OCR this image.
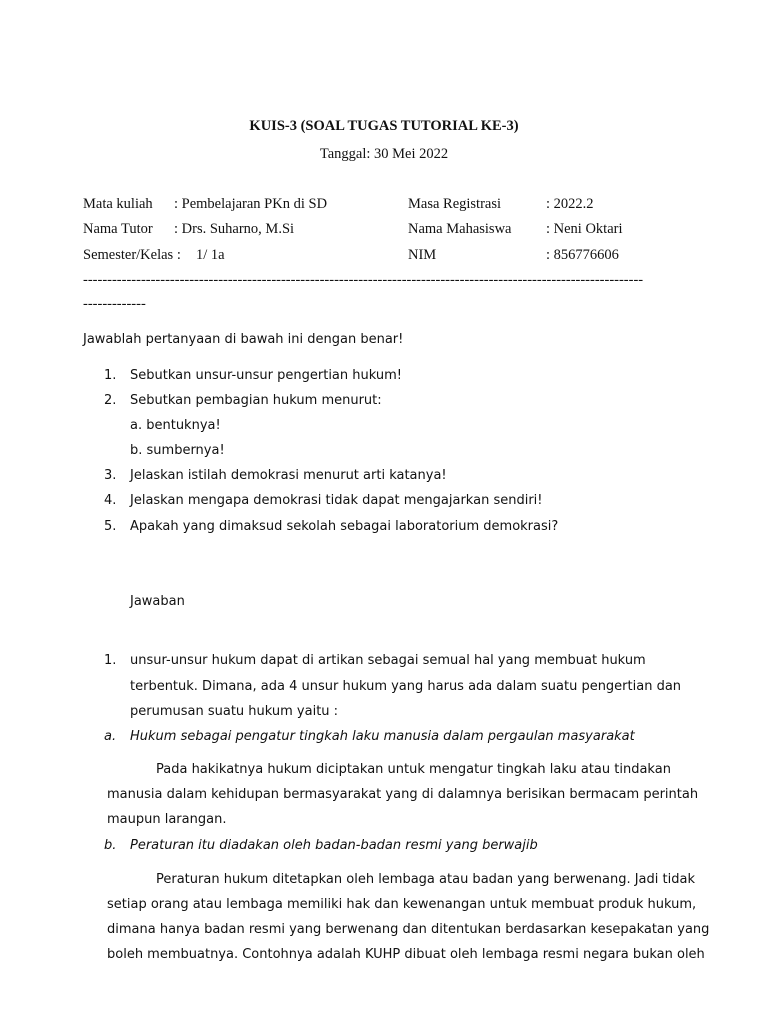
KUIS-3 (SOAL TUGAS TUTORIAL KE-3)
Tanggal: 30 Mei 2022
Mata kuliah : Pembelajaran PKn di SD
Nama Tutor : Drs. Suharno, M.Si
Semester/Kelas : 1/ 1a
Masa Registrasi	: 2022.2
Nama Mahasiswa : Neni Oktari
NIM	: 856776606
--------------------------------------------------------------------------------------------------------------------
-------------
Jawablah pertanyaan di bawah ini dengan benar!
1. Sebutkan unsur-unsur pengertian hukum!
2. Sebutkan pembagian hukum menurut:
a. bentuknya!
b. sumbernya!
3. Jelaskan istilah demokrasi menurut arti katanya!
4. Jelaskan mengapa demokrasi tidak dapat mengajarkan sendiri!
5. Apakah yang dimaksud sekolah sebagai laboratorium demokrasi?
Jawaban
1. unsur-unsur hukum dapat di artikan sebagai semual hal yang membuat hukum
terbentuk. Dimana, ada 4 unsur hukum yang harus ada dalam suatu pengertian dan
perumusan suatu hukum yaitu :
a. Hukum sebagai pengatur tingkah laku manusia dalam pergaulan masyarakat
Pada hakikatnya hukum diciptakan untuk mengatur tingkah laku atau tindakan
manusia dalam kehidupan bermasyarakat yang di dalamnya berisikan bermacam perintah
maupun larangan.
b. Peraturan itu diadakan oleh badan-badan resmi yang berwajib
Peraturan hukum ditetapkan oleh lembaga atau badan yang berwenang. Jadi tidak
setiap orang atau lembaga memiliki hak dan kewenangan untuk membuat produk hukum,
dimana hanya badan resmi yang berwenang dan ditentukan berdasarkan kesepakatan yang
boleh membuatnya. Contohnya adalah KUHP dibuat oleh lembaga resmi negara bukan oleh
